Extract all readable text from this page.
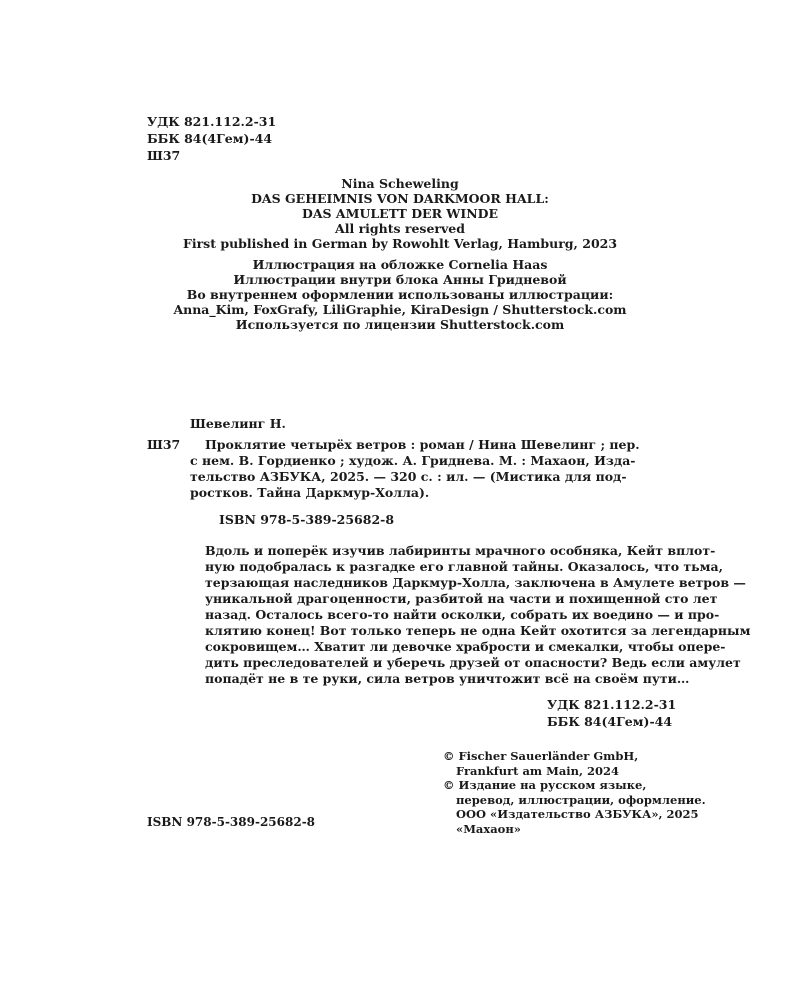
УДК 821.112.2-31
ББК 84(4Гем)-44
Ш37
Nina Scheweling
DAS GEHEIMNIS VON DARKMOOR HALL:
DAS AMULETT DER WINDE
All rights reserved
First published in German by Rowohlt Verlag, Hamburg, 2023
Иллюстрация на обложке Cornelia Haas
Иллюстрации внутри блока Анны Гридневой
Во внутреннем оформлении использованы иллюстрации:
Anna_Kim, FoxGrafy, LiliGraphie, KiraDesign / Shutterstock.com
Используется по лицензии Shutterstock.com
Шевелинг Н.
Ш37 Проклятие четырёх ветров : роман / Нина Шевелинг ; пер.
с нем. В. Гордиенко ; худож. А. Гриднева. М. : Махаон, Изда-
тельство АЗБУКА, 2025. — 320 с. : ил. — (Мистика для под-
ростков. Тайна Даркмур-Холла).
ISBN 978-5-389-25682-8
Вдоль и поперёк изучив лабиринты мрачного особняка, Кейт вплот-
ную подобралась к разгадке его главной тайны. Оказалось, что тьма,
терзающая наследников Даркмур-Холла, заключена в Амулете ветров —
уникальной драгоценности, разбитой на части и похищенной сто лет
назад. Осталось всего-то найти осколки, собрать их воедино — и про-
клятию конец! Вот только теперь не одна Кейт охотится за легендарным
сокровищем… Хватит ли девочке храбрости и смекалки, чтобы опере-
дить преследователей и уберечь друзей от опасности? Ведь если амулет
попадёт не в те руки, сила ветров уничтожит всё на своём пути…
УДК 821.112.2-31
ББК 84(4Гем)-44
© Fischer Sauerländer GmbH,
Frankfurt am Main, 2024
© Издание на русском языке,
перевод, иллюстрации, оформление.
ООО «Издательство АЗБУКА», 2025
«Махаон»
ISBN 978-5-389-25682-8
